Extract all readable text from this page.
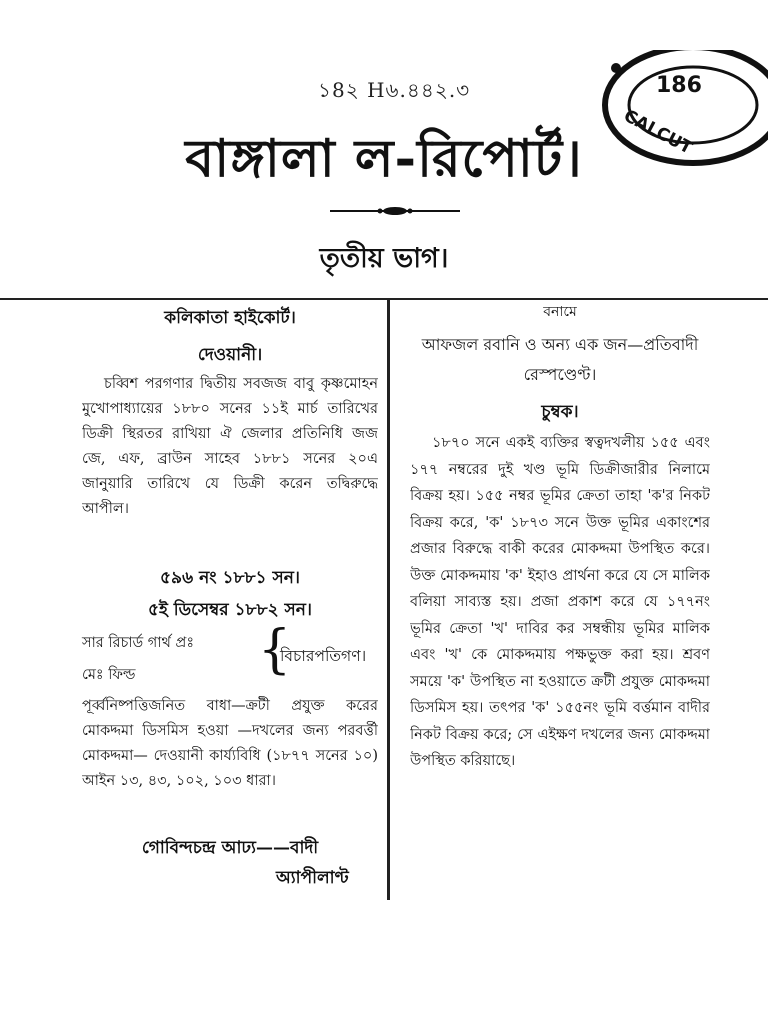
১8২ H৬.৪৪২.৩	186
CALCUT
বাঙ্গালা ল-রিপোর্ট।
তৃতীয় ভাগ।
কলিকাতা হাইকোর্ট।
দেওয়ানী।
চব্বিশ পরগণার দ্বিতীয় সবজজ বাবু কৃষ্ণমোহন মুখোপাধ্যায়ের ১৮৮০ সনের ১১ই মার্চ তারিখের ডিক্রী স্থিরতর রাখিয়া ঐ জেলার প্রতিনিধি জজ জে, এফ, ব্রাউন সাহেব ১৮৮১ সনের ২০এ জানুয়ারি তারিখে যে ডিক্রী করেন তদ্বিরুদ্ধে আপীল।
৫৯৬ নং ১৮৮১ সন।
৫ই ডিসেম্বর ১৮৮২ সন।
সার রিচার্ড গার্থ প্রঃ
মেঃ ফিল্ড {
বিচারপতিগণ।
পূর্ব্বনিষ্পত্তিজনিত বাধা—ক্রটী প্রযুক্ত করের মোকদ্দমা ডিসমিস হওয়া —দখলের জন্য পরবর্ত্তী মোকদ্দমা— দেওয়ানী কার্য্যবিধি (১৮৭৭ সনের ১০) আইন ১৩, ৪৩, ১০২, ১০৩ ধারা।
গোবিন্দচন্দ্র আঢ্য——বাদী
অ্যাপীলাণ্ট
বনামে
আফজল রবানি ও অন্য এক জন—প্রতিবাদী রেস্পণ্ডেণ্ট।
চুম্বক।
১৮৭০ সনে একই ব্যক্তির স্বত্বদখলীয় ১৫৫ এবং ১৭৭ নম্বরের দুই খণ্ড ভূমি ডিক্রীজারীর নিলামে বিক্রয় হয়। ১৫৫ নম্বর ভূমির ক্রেতা তাহা 'ক'র নিকট বিক্রয় করে, 'ক' ১৮৭৩ সনে উক্ত ভূমির একাংশের প্রজার বিরুদ্ধে বাকী করের মোকদ্দমা উপস্থিত করে। উক্ত মোকদ্দমায় 'ক' ইহাও প্রার্থনা করে যে সে মালিক বলিয়া সাব্যস্ত হয়। প্রজা প্রকাশ করে যে ১৭৭নং ভূমির ক্রেতা 'খ' দাবির কর সম্বন্ধীয় ভূমির মালিক এবং 'খ' কে মোকদ্দমায় পক্ষভুক্ত করা হয়। শ্রবণ সময়ে 'ক' উপস্থিত না হওয়াতে ক্রটী প্রযুক্ত মোকদ্দমা ডিসমিস হয়। তৎপর 'ক' ১৫৫নং ভূমি বর্ত্তমান বাদীর নিকট বিক্রয় করে; সে এইক্ষণ দখলের জন্য মোকদ্দমা উপস্থিত করিয়াছে।
